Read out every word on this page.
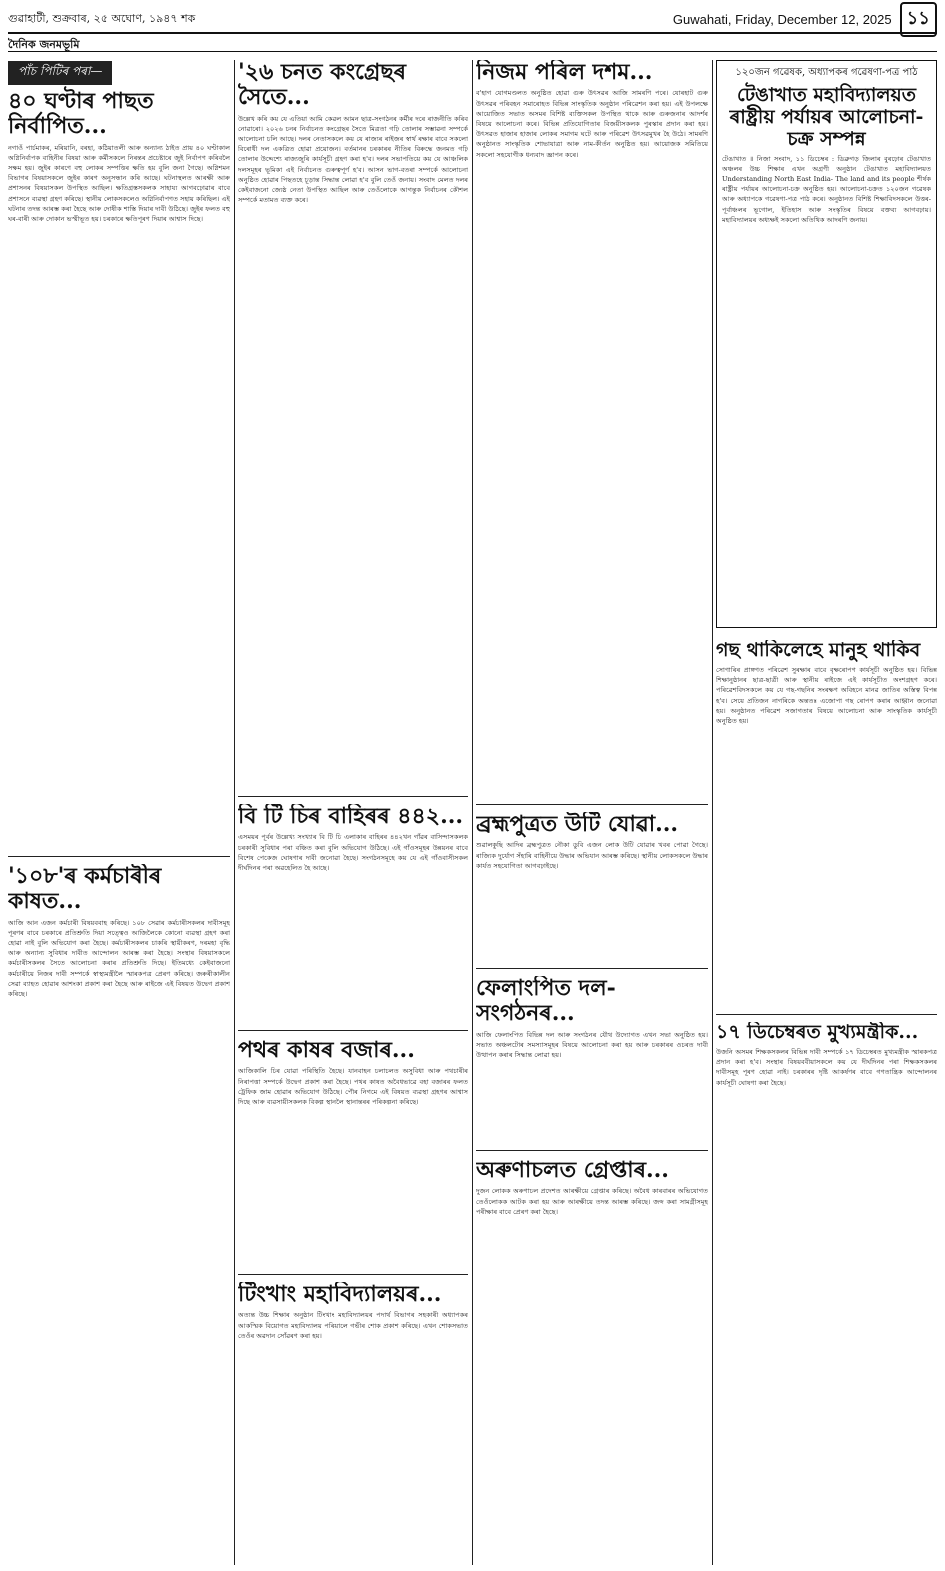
গুৱাহাটী, শুক্ৰবাৰ, ২৫ অঘোণ, ১৯৪৭ শক	Guwahati, Friday, December 12, 2025 ১১
দৈনিক জনমভূমি
পাঁচ পিটিৰ পৰা—
৪০ ঘণ্টাৰ পাছত নিৰ্বাপিত...
নগাওঁ পাৰ্চমাকৰ, মৰিয়ানি, বৰহা, কঠিয়াতলী আৰু অন্যান্য ঠাইত প্ৰায় ৪০ ঘণ্টাকাল অগ্নিনিৰ্বাপক বাহিনীৰ বিষয়া আৰু কৰ্মীসকলে নিৰন্তৰ প্ৰচেষ্টাৰে জুই নিৰ্বাপণ কৰিবলৈ সক্ষম হয়। জুইৰ কাৰণে বহু লোকৰ সম্পত্তিৰ ক্ষতি হয় বুলি জনা গৈছে। অগ্নিশমন বিভাগৰ বিষয়াসকলে জুইৰ কাৰণ অনুসন্ধান কৰি আছে। ঘটনাস্থলত আৰক্ষী আৰু প্ৰশাসনৰ বিষয়াসকল উপস্থিত আছিল। ক্ষতিগ্ৰস্তসকলক সাহায্য আগবঢ়োৱাৰ বাবে প্ৰশাসনে ব্যৱস্থা গ্ৰহণ কৰিছে। স্থানীয় লোকসকলেও অগ্নিনিৰ্বাপণত সহায় কৰিছিল। এই ঘটনাৰ তদন্ত আৰম্ভ কৰা হৈছে আৰু দোষীক শাস্তি দিয়াৰ দাবী উঠিছে। জুইৰ ফলত বহু ঘৰ-বাৰী আৰু দোকান ভস্মীভূত হয়। চৰকাৰে ক্ষতিপূৰণ দিয়াৰ আশ্বাস দিছে।
'১০৮'ৰ কৰ্মচাৰীৰ কাষত...
আজি আন এজন কৰ্মচাৰী বিষয়ববাহ কৰিছে। ১০৮ সেৱাৰ কৰ্মচাৰীসকলৰ দাবীসমূহ পূৰণৰ বাবে চৰকাৰে প্ৰতিশ্ৰুতি দিয়া সত্ত্বেও আজিলৈকে কোনো ব্যৱস্থা গ্ৰহণ কৰা হোৱা নাই বুলি অভিযোগ কৰা হৈছে। কৰ্মচাৰীসকলৰ চাকৰি স্থায়ীকৰণ, দৰমহা বৃদ্ধি আৰু অন্যান্য সুবিধাৰ দাবীত আন্দোলন আৰম্ভ কৰা হৈছে। সংস্থাৰ বিষয়াসকলে কৰ্মচাৰীসকলৰ সৈতে আলোচনা কৰাৰ প্ৰতিশ্ৰুতি দিছে। ইতিমধ্যে কেইবাজনো কৰ্মচাৰীয়ে নিজৰ দাবী সম্পৰ্কে স্বাস্থ্যমন্ত্ৰীলৈ স্মাৰকপত্ৰ প্ৰেৰণ কৰিছে। জৰুৰীকালীন সেৱা ব্যাহত হোৱাৰ আশংকা প্ৰকাশ কৰা হৈছে আৰু ৰাইজে এই বিষয়ত উদ্বেগ প্ৰকাশ কৰিছে।
'২৬ চনত কংগ্ৰেছৰ সৈতে...
উল্লেখ কৰি কয় যে এতিয়া আমি কেৱল আমন ছাত্ৰ-সংগঠনৰ কৰ্মীৰ দৰে ৰাজনীতি কৰিব নোৱাৰো। ২০২৬ চনৰ নিৰ্বাচনত কংগ্ৰেছৰ সৈতে মিত্ৰতা গঢ়ি তোলাৰ সম্ভাৱনা সম্পৰ্কে আলোচনা চলি আছে। দলৰ নেতাসকলে কয় যে ৰাজ্যৰ ৰাইজৰ স্বাৰ্থ ৰক্ষাৰ বাবে সকলো বিৰোধী দল একত্ৰিত হোৱা প্ৰয়োজন। বৰ্তমানৰ চৰকাৰৰ নীতিৰ বিৰুদ্ধে জনমত গঢ়ি তোলাৰ উদ্দেশ্যে ৰাজ্যজুৰি কাৰ্যসূচী গ্ৰহণ কৰা হ'ব। দলৰ সভাপতিয়ে কয় যে আঞ্চলিক দলসমূহৰ ভূমিকা এই নিৰ্বাচনত গুৰুত্বপূৰ্ণ হ'ব। আসন ভাগ-বতৰা সম্পৰ্কে আলোচনা অনুষ্ঠিত হোৱাৰ পিছতহে চূড়ান্ত সিদ্ধান্ত লোৱা হ'ব বুলি তেওঁ জনায়। সংবাদ মেলত দলৰ কেইবাজনো জ্যেষ্ঠ নেতা উপস্থিত আছিল আৰু তেওঁলোকে আগন্তুক নিৰ্বাচনৰ কৌশল সম্পৰ্কে মতামত ব্যক্ত কৰে।
বি টি চিৰ বাহিৰৰ ৪৪২...
এসময়ৰ পূৰ্বৰ উল্লেখ্য সংখ্যাৰ বি টি চি এলাকাৰ বাহিৰৰ ৪৪২খন গাঁৱৰ বাসিন্দাসকলক চৰকাৰী সুবিধাৰ পৰা বঞ্চিত কৰা বুলি অভিযোগ উঠিছে। এই গাঁওসমূহৰ উন্নয়নৰ বাবে বিশেষ পেকেজ ঘোষণাৰ দাবী জনোৱা হৈছে। সংগঠনসমূহে কয় যে এই গাঁওবাসীসকল দীৰ্ঘদিনৰ পৰা অৱহেলিত হৈ আছে।
পথৰ কাষৰ বজাৰ...
আজিকালি চিৰ যোৱা পৰিস্থিতি হৈছে। যানবাহন চলাচলত অসুবিধা আৰু পথচাৰীৰ নিৰাপত্তা সম্পৰ্কে উদ্বেগ প্ৰকাশ কৰা হৈছে। পথৰ কাষত অবৈধভাৱে বহা বজাৰৰ ফলত ট্ৰেফিক জাম হোৱাৰ অভিযোগ উঠিছে। পৌৰ নিগমে এই বিষয়ত ব্যৱস্থা গ্ৰহণৰ আশ্বাস দিছে আৰু ব্যৱসায়ীসকলক বিকল্প স্থানলৈ স্থানান্তৰৰ পৰিকল্পনা কৰিছে।
টিংখাং মহাবিদ্যালয়ৰ...
অত্যন্ত উচ্চ শিক্ষাৰ অনুষ্ঠান টিংখাং মহাবিদ্যালয়ৰ পদাৰ্থ বিভাগৰ সহকাৰী অধ্যাপকৰ আকস্মিক বিয়োগত মহাবিদ্যালয় পৰিয়ালে গভীৰ শোক প্ৰকাশ কৰিছে। এখন শোকসভাত তেওঁৰ অৱদান সোঁৱৰণ কৰা হয়।
নিজম পৰিল দশম...
ব'হাগ যোগমণ্ডলত অনুষ্ঠিত হোৱা গুৰু উৎসৱৰ আজি সামৰণি পৰে। যোৰহাট গুৰু উৎসৱৰ পৰিবহন সমাৰোহত বিভিন্ন সাংস্কৃতিক অনুষ্ঠান পৰিৱেশন কৰা হয়। এই উপলক্ষে আয়োজিত সভাত অসমৰ বিশিষ্ট ব্যক্তিসকল উপস্থিত থাকে আৰু গুৰুজনাৰ আদৰ্শৰ বিষয়ে আলোচনা কৰে। বিভিন্ন প্ৰতিযোগিতাৰ বিজয়ীসকলক পুৰস্কাৰ প্ৰদান কৰা হয়। উৎসৱত হাজাৰ হাজাৰ লোকৰ সমাগম ঘটে আৰু পৰিৱেশ উৎসৱমুখৰ হৈ উঠে। সামৰণি অনুষ্ঠানত সাংস্কৃতিক শোভাযাত্ৰা আৰু নাম-কীৰ্তন অনুষ্ঠিত হয়। আয়োজক সমিতিয়ে সকলো সহযোগীক ধন্যবাদ জ্ঞাপন কৰে।
ব্ৰহ্মপুত্ৰত উটি যোৱা...
শুৱালকুছি আদিৰ ব্ৰহ্মপুত্ৰত নৌকা ডুবি এজন লোক উটি যোৱাৰ খবৰ পোৱা গৈছে। ৰাজ্যিক দুৰ্যোগ সঁহাৰি বাহিনীয়ে উদ্ধাৰ অভিযান আৰম্ভ কৰিছে। স্থানীয় লোকসকলে উদ্ধাৰ কাৰ্যত সহযোগিতা আগবঢ়াইছে।
ফেলাংপিত দল-সংগঠনৰ...
আজি ফেলাংপিত বিভিন্ন দল আৰু সংগঠনৰ যৌথ উদ্যোগত এখন সভা অনুষ্ঠিত হয়। সভাত অঞ্চলটোৰ সমস্যাসমূহৰ বিষয়ে আলোচনা কৰা হয় আৰু চৰকাৰৰ ওচৰত দাবী উত্থাপন কৰাৰ সিদ্ধান্ত লোৱা হয়।
অৰুণাচলত গ্ৰেপ্তাৰ...
দুজন লোকক অৰুণাচল প্ৰদেশত আৰক্ষীয়ে গ্ৰেপ্তাৰ কৰিছে। অবৈধ কাৰবাৰৰ অভিযোগত তেওঁলোকক আটক কৰা হয় আৰু আৰক্ষীয়ে তদন্ত আৰম্ভ কৰিছে। জব্দ কৰা সামগ্ৰীসমূহ পৰীক্ষাৰ বাবে প্ৰেৰণ কৰা হৈছে।
১২০জন গৱেষক, অধ্যাপকৰ গৱেষণা-পত্ৰ পাঠ
টেঙাখাত মহাবিদ্যালয়ত ৰাষ্ট্ৰীয় পৰ্যায়ৰ আলোচনা-চক্ৰ সম্পন্ন
টেঙাখাত ॥ নিজা সংবাদ, ১১ ডিচেম্বৰ : ডিব্ৰুগড় জিলাৰ বুৰঢ়োৰ টেঙাখাত অঞ্চলৰ উচ্চ শিক্ষাৰ এখন অগ্ৰণী অনুষ্ঠান টেঙাখাত মহাবিদ্যালয়ত Understanding North East India- The land and its people শীৰ্ষক ৰাষ্ট্ৰীয় পৰ্যায়ৰ আলোচনা-চক্ৰ অনুষ্ঠিত হয়। আলোচনা-চক্ৰত ১২০জন গৱেষক আৰু অধ্যাপকে গৱেষণা-পত্ৰ পাঠ কৰে। অনুষ্ঠানত বিশিষ্ট শিক্ষাবিদসকলে উত্তৰ-পূৰ্বাঞ্চলৰ ভূগোল, ইতিহাস আৰু সংস্কৃতিৰ বিষয়ে বক্তব্য আগবঢ়ায়। মহাবিদ্যালয়ৰ অধ্যক্ষই সকলো অতিথিক আদৰণি জনায়।
গছ থাকিলেহে মানুহ থাকিব
সোণাৰিৰ প্ৰাঙ্গণত পৰিৱেশ সুৰক্ষাৰ বাবে বৃক্ষৰোপণ কাৰ্যসূচী অনুষ্ঠিত হয়। বিভিন্ন শিক্ষানুষ্ঠানৰ ছাত্ৰ-ছাত্ৰী আৰু স্থানীয় ৰাইজে এই কাৰ্যসূচীত অংশগ্ৰহণ কৰে। পৰিৱেশবিদসকলে কয় যে গছ-গছনিৰ সংৰক্ষণ অবিহনে মানৱ জাতিৰ অস্তিত্ব বিপন্ন হ'ব। সেয়ে প্ৰতিজন নাগৰিকে অন্ততঃ এজোপা গছ ৰোপণ কৰাৰ আহ্বান জনোৱা হয়। অনুষ্ঠানত পৰিৱেশ সজাগতাৰ বিষয়ে আলোচনা আৰু সাংস্কৃতিক কাৰ্যসূচী অনুষ্ঠিত হয়।
১৭ ডিচেম্বৰত মুখ্যমন্ত্ৰীক...
উজনি অসমৰ শিক্ষকসকলৰ বিভিন্ন দাবী সম্পৰ্কে ১৭ ডিচেম্বৰত মুখ্যমন্ত্ৰীক স্মাৰকপত্ৰ প্ৰদান কৰা হ'ব। সংস্থাৰ বিষয়ববীয়াসকলে কয় যে দীৰ্ঘদিনৰ পৰা শিক্ষকসকলৰ দাবীসমূহ পূৰণ হোৱা নাই। চৰকাৰৰ দৃষ্টি আকৰ্ষণৰ বাবে গণতান্ত্ৰিক আন্দোলনৰ কাৰ্যসূচী ঘোষণা কৰা হৈছে।
